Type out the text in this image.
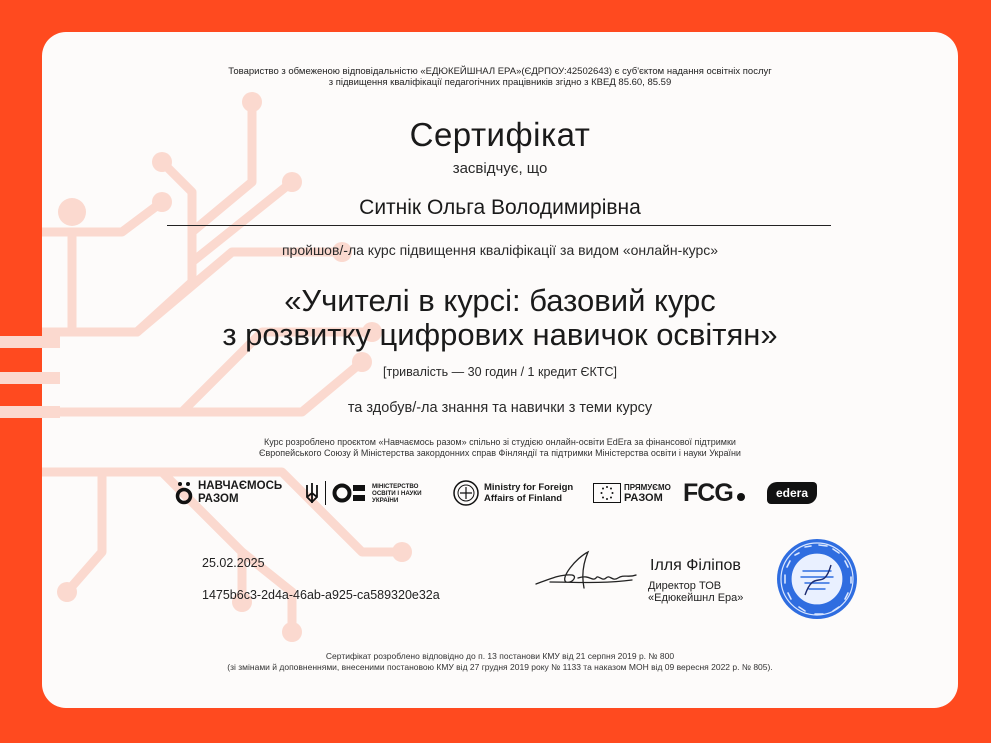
Товариство з обмеженою відповідальністю «ЕДЮКЕЙШНАЛ ЕРА»(ЄДРПОУ:42502643) є суб'єктом надання освітніх послуг
з підвищення кваліфікації педагогічних працівників згідно з КВЕД 85.60, 85.59
Сертифікат
засвідчує, що
Ситнік Ольга Володимирівна
пройшов/-ла курс підвищення кваліфікації за видом «онлайн-курс»
«Учителі в курсі: базовий курс
з розвитку цифрових навичок освітян»
[тривалість — 30 годин / 1 кредит ЄКТС]
та здобув/-ла знання та навички з теми курсу
Курс розроблено проєктом «Навчаємось разом» спільно зі студією онлайн-освіти EdEra за фінансової підтримки
Європейського Союзу й Міністерства закордонних справ Фінляндії та підтримки Міністерства освіти і науки України
НАВЧАЄМОСЬ
РАЗОМ
МІНІСТЕРСТВО
ОСВІТИ І НАУКИ
УКРАЇНИ
Ministry for Foreign
Affairs of Finland
ПРЯМУЄМО
РАЗОМ FCG	edera
25.02.2025
1475b6c3-2d4a-46ab-a925-ca589320e32a
Ілля Філіпов
Директор ТОВ
«Едюкейшнл Ера»
Сертифікат розроблено відповідно до п. 13 постанови КМУ від 21 серпня 2019 р. № 800
(зі змінами й доповненнями, внесеними постановою КМУ від 27 грудня 2019 року № 1133 та наказом МОН від 09 вересня 2022 р. № 805).
